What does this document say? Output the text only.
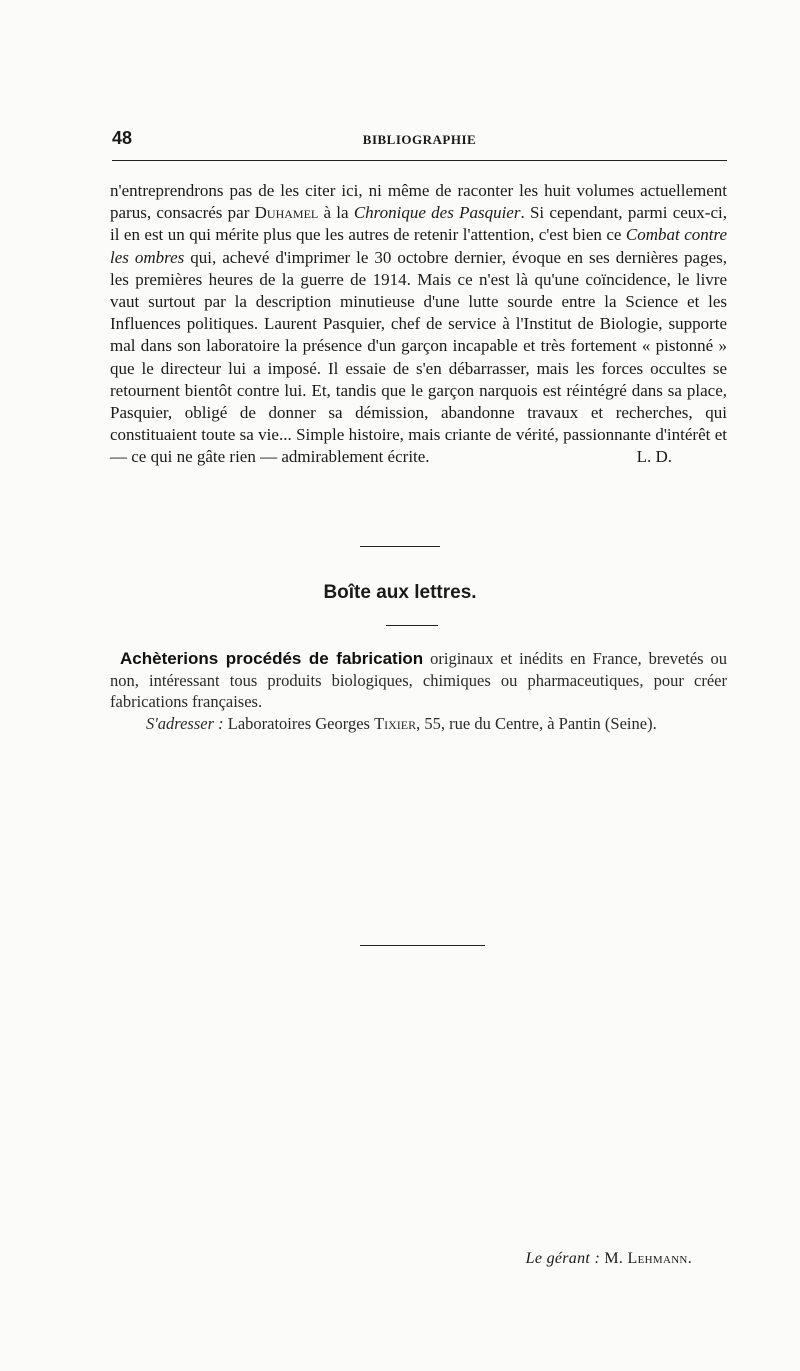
48	BIBLIOGRAPHIE

n'entreprendrons pas de les citer ici, ni même de raconter les huit volumes actuellement parus, consacrés par Duhamel à la Chronique des Pasquier. Si cependant, parmi ceux-ci, il en est un qui mérite plus que les autres de retenir l'attention, c'est bien ce Combat contre les ombres qui, achevé d'imprimer le 30 octobre dernier, évoque en ses dernières pages, les premières heures de la guerre de 1914. Mais ce n'est là qu'une coïncidence, le livre vaut surtout par la description minutieuse d'une lutte sourde entre la Science et les Influences politiques. Laurent Pasquier, chef de service à l'Institut de Biologie, supporte mal dans son laboratoire la présence d'un garçon incapable et très fortement « pistonné » que le directeur lui a imposé. Il essaie de s'en débarrasser, mais les forces occultes se retournent bientôt contre lui. Et, tandis que le garçon narquois est réintégré dans sa place, Pasquier, obligé de donner sa démission, abandonne travaux et recherches, qui constituaient toute sa vie... Simple histoire, mais criante de vérité, passionnante d'intérêt et — ce qui ne gâte rien — admirablement écrite.	L. D.

Boîte aux lettres.

Achèterions procédés de fabrication originaux et inédits en France, brevetés ou non, intéressant tous produits biologiques, chimiques ou pharmaceutiques, pour créer fabrications françaises.

S'adresser : Laboratoires Georges Tixier, 55, rue du Centre, à Pantin (Seine).

Le gérant : M. Lehmann.
